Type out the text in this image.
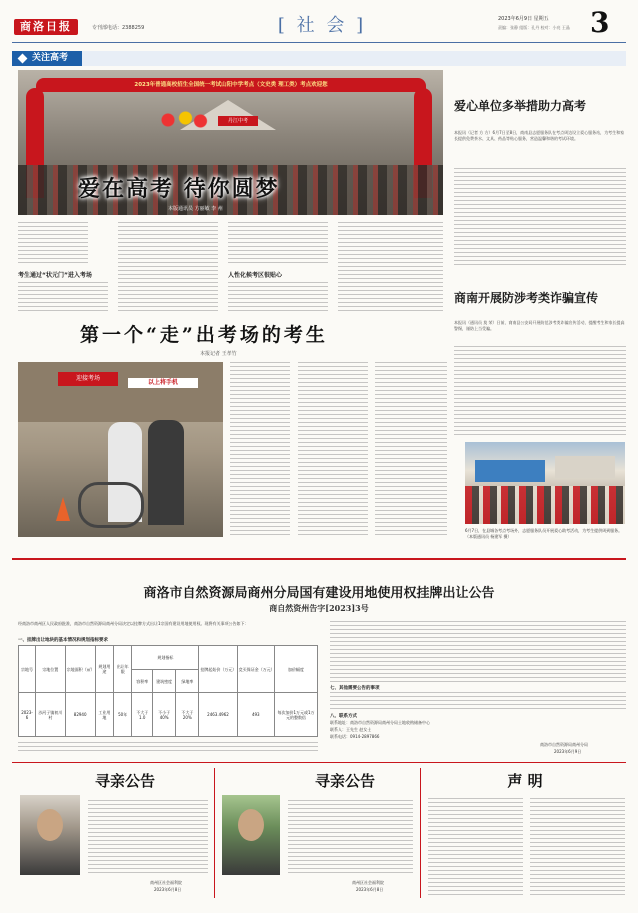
商洛日报	专刊部电话：2388259	[ 社 会 ]	2023年6月9日 星期五
责编：张静 组版：孔丹 校对：小亮 王晶 3
关注高考
2023年普通高校招生全国统一考试山阳中学考点（文史类 理工类）考点欢迎您
丹江中考
爱在高考 待你圆梦
本版通讯员 方丽敏 李 州
考生通过“状元门”进入考场	人性化候考区很贴心
爱心单位多举措助力高考
本报讯（记者 方 方）6月7日至8日，商南县志愿服务队在考点周边设立爱心服务站，为考生和家长提供免费茶水、文具、药品等贴心服务，营造温馨和谐的考试环境。
商南开展防涉考类诈骗宣传
本报讯（通讯员 莫 荣）日前，商南县公安局开展防范涉考类诈骗宣传活动，提醒考生和家长提高警惕，谨防上当受骗。
6月7日，在县城各考点考场外，志愿服务队员开展爱心助考活动，为考生提供周到服务。（本版通讯员 杨建军 摄）
第一个“走”出考场的考生
本报记者 王孝竹
迎接考场
以上将手机
商洛市自然资源局商州分局国有建设用地使用权挂牌出让公告
商自然资州告字[2023]3号
经商洛市商州区人民政府批准，商洛市自然资源局商州分局决定以挂牌方式出让1宗国有建设用地使用权。现将有关事项公告如下：
一、挂牌出让地块的基本情况和规划指标要求
宗地号	宗地位置	宗地面积（㎡）	规划用途	出让年限	规划指标			挂牌起始价（万元）	竞买保证金（万元）	加价幅度
					容积率	建筑密度	绿地率			
2023-6	沙河子镇初川村	82940	工业用地	50年	不大于1.0	不小于40%	不大于20%	2463.4962	493	每次加价1万元或1万元的整数倍
七、其他需要公告的事项
八、联系方式
联系地址：商洛市自然资源局商州分局土地收购储备中心
联系人：王先生 赵女士
联系电话：0914-2897866
商洛市自然资源局商州分局
2023年6月9日
寻亲公告
商州区社会福利院
2023年6月8日
寻亲公告
商州区社会福利院
2023年6月8日
声 明
